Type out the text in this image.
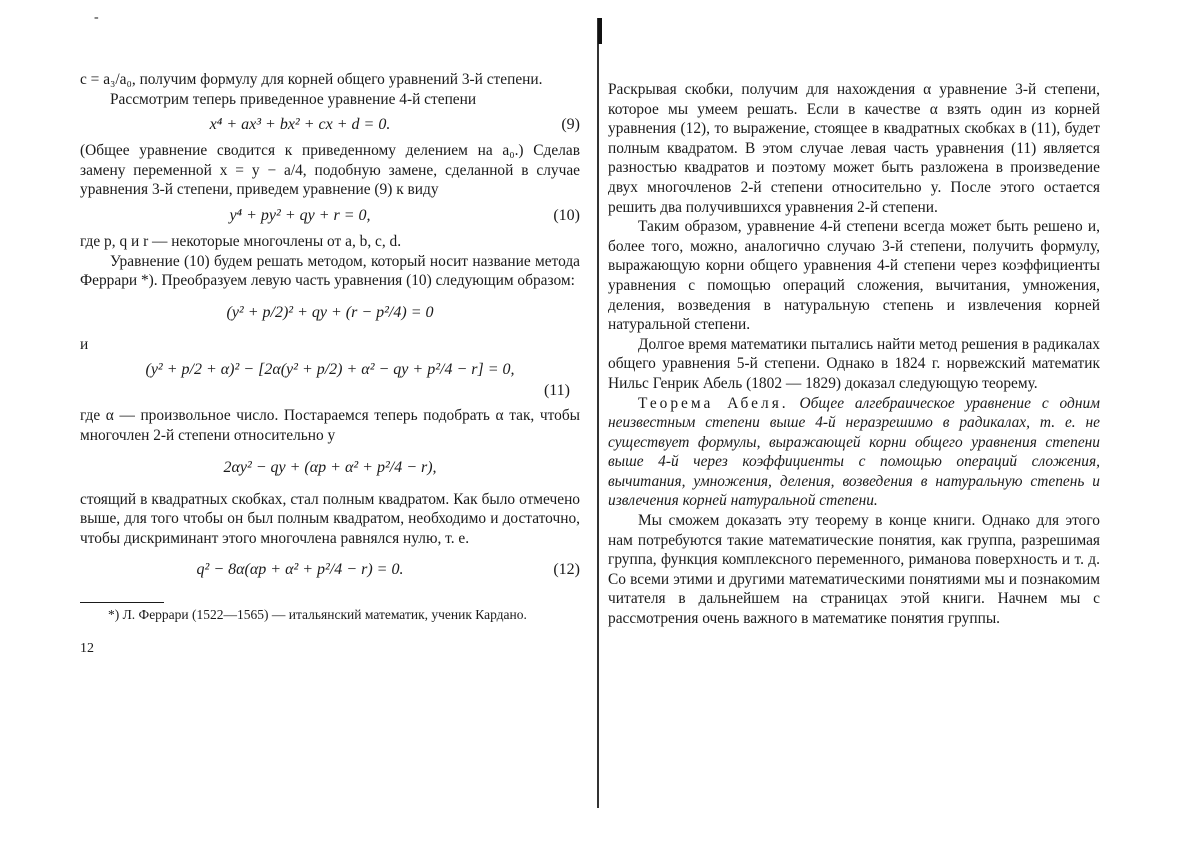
-

c = a₃/a₀, получим формулу для корней общего уравнений 3-й степени.

Рассмотрим теперь приведенное уравнение 4-й степени

x⁴ + ax³ + bx² + cx + d = 0.	(9)

(Общее уравнение сводится к приведенному делением на a₀.) Сделав замену переменной x = y − a/4, подобную замене, сделанной в случае уравнения 3-й степени, приведем уравнение (9) к виду

y⁴ + py² + qy + r = 0,	(10)

где p, q и r — некоторые многочлены от a, b, c, d.

Уравнение (10) будем решать методом, который носит название метода Феррари *). Преобразуем левую часть уравнения (10) следующим образом:

(y² + p/2)² + qy + (r − p²/4) = 0

и

(y² + p/2 + α)² − [2α(y² + p/2) + α² − qy + p²/4 − r] = 0,
(11)

где α — произвольное число. Постараемся теперь подобрать α так, чтобы многочлен 2-й степени относительно y

2αy² − qy + (αp + α² + p²/4 − r),

стоящий в квадратных скобках, стал полным квадратом. Как было отмечено выше, для того чтобы он был полным квадратом, необходимо и достаточно, чтобы дискриминант этого многочлена равнялся нулю, т. е.

q² − 8α(αp + α² + p²/4 − r) = 0.	(12)

*) Л. Феррари (1522—1565) — итальянский математик, ученик Кардано.

12

Раскрывая скобки, получим для нахождения α уравнение 3-й степени, которое мы умеем решать. Если в качестве α взять один из корней уравнения (12), то выражение, стоящее в квадратных скобках в (11), будет полным квадратом. В этом случае левая часть уравнения (11) является разностью квадратов и поэтому может быть разложена в произведение двух многочленов 2-й степени относительно y. После этого остается решить два получившихся уравнения 2-й степени.

Таким образом, уравнение 4-й степени всегда может быть решено и, более того, можно, аналогично случаю 3-й степени, получить формулу, выражающую корни общего уравнения 4-й степени через коэффициенты уравнения с помощью операций сложения, вычитания, умножения, деления, возведения в натуральную степень и извлечения корней натуральной степени.

Долгое время математики пытались найти метод решения в радикалах общего уравнения 5-й степени. Однако в 1824 г. норвежский математик Нильс Генрик Абель (1802 — 1829) доказал следующую теорему.

Теорема Абеля. Общее алгебраическое уравнение с одним неизвестным степени выше 4-й неразрешимо в радикалах, т. е. не существует формулы, выражающей корни общего уравнения степени выше 4-й через коэффициенты с помощью операций сложения, вычитания, умножения, деления, возведения в натуральную степень и извлечения корней натуральной степени.

Мы сможем доказать эту теорему в конце книги. Однако для этого нам потребуются такие математические понятия, как группа, разрешимая группа, функция комплексного переменного, риманова поверхность и т. д. Со всеми этими и другими математическими понятиями мы и познакомим читателя в дальнейшем на страницах этой книги. Начнем мы с рассмотрения очень важного в математике понятия группы.
